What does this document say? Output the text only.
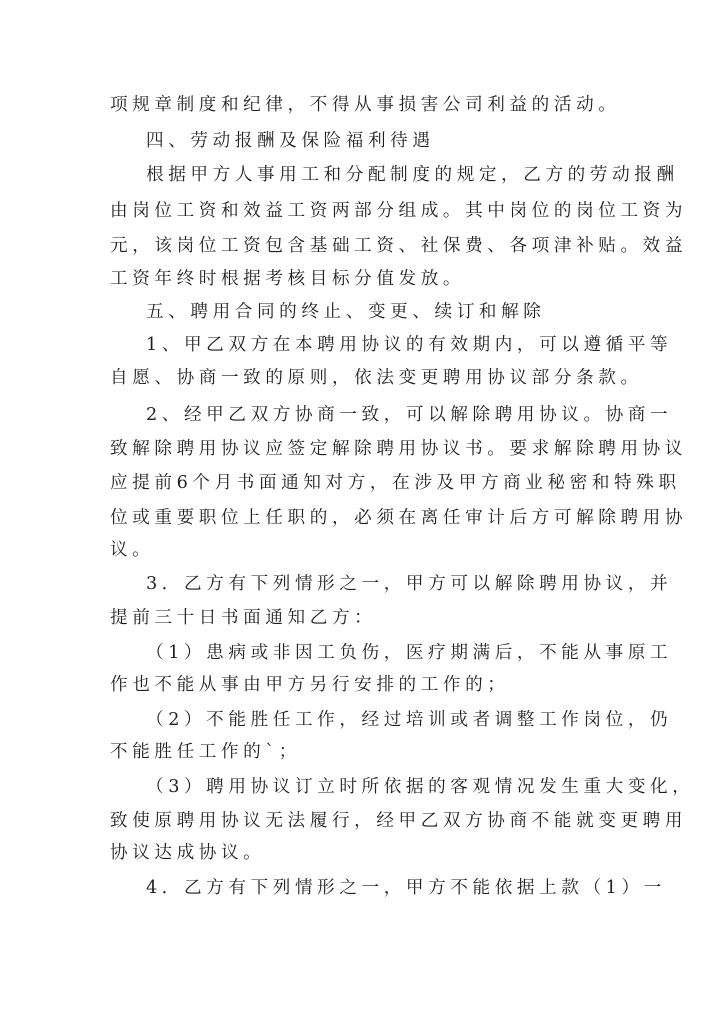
项规章制度和纪律，不得从事损害公司利益的活动。
四、劳动报酬及保险福利待遇
根据甲方人事用工和分配制度的规定，乙方的劳动报酬
由岗位工资和效益工资两部分组成。其中岗位的岗位工资为
元，该岗位工资包含基础工资、社保费、各项津补贴。效益
工资年终时根据考核目标分值发放。
五、聘用合同的终止、变更、续订和解除
1、甲乙双方在本聘用协议的有效期内，可以遵循平等
自愿、协商一致的原则，依法变更聘用协议部分条款。
2、经甲乙双方协商一致，可以解除聘用协议。协商一
致解除聘用协议应签定解除聘用协议书。要求解除聘用协议
应提前6个月书面通知对方，在涉及甲方商业秘密和特殊职
位或重要职位上任职的，必须在离任审计后方可解除聘用协
议。
3．乙方有下列情形之一，甲方可以解除聘用协议，并
提前三十日书面通知乙方：
（1）患病或非因工负伤，医疗期满后，不能从事原工
作也不能从事由甲方另行安排的工作的；
（2）不能胜任工作，经过培训或者调整工作岗位，仍
不能胜任工作的`；
（3）聘用协议订立时所依据的客观情况发生重大变化，
致使原聘用协议无法履行，经甲乙双方协商不能就变更聘用
协议达成协议。
4．乙方有下列情形之一，甲方不能依据上款（1）一
